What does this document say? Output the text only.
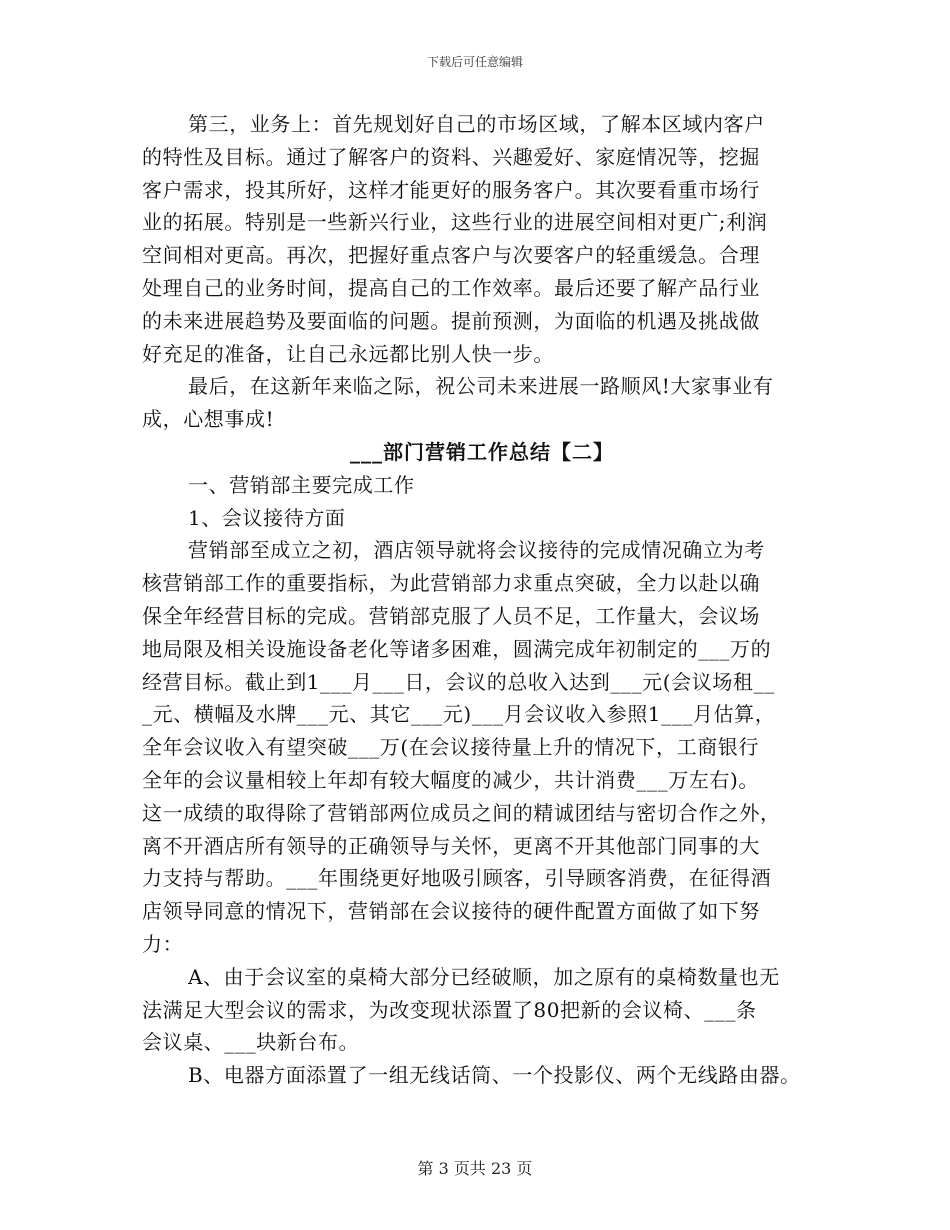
下载后可任意编辑
第三，业务上：首先规划好自己的市场区域，了解本区域内客户
的特性及目标。通过了解客户的资料、兴趣爱好、家庭情况等，挖掘
客户需求，投其所好，这样才能更好的服务客户。其次要看重市场行
业的拓展。特别是一些新兴行业，这些行业的进展空间相对更广;利润
空间相对更高。再次，把握好重点客户与次要客户的轻重缓急。合理
处理自己的业务时间，提高自己的工作效率。最后还要了解产品行业
的未来进展趋势及要面临的问题。提前预测，为面临的机遇及挑战做
好充足的准备，让自己永远都比别人快一步。
最后，在这新年来临之际，祝公司未来进展一路顺风!大家事业有
成，心想事成!
___部门营销工作总结【二】
一、营销部主要完成工作
1、会议接待方面
营销部至成立之初，酒店领导就将会议接待的完成情况确立为考
核营销部工作的重要指标，为此营销部力求重点突破，全力以赴以确
保全年经营目标的完成。营销部克服了人员不足，工作量大，会议场
地局限及相关设施设备老化等诸多困难，圆满完成年初制定的___万的
经营目标。截止到1___月___日，会议的总收入达到___元(会议场租__
_元、横幅及水牌___元、其它___元)___月会议收入参照1___月估算，
全年会议收入有望突破___万(在会议接待量上升的情况下，工商银行
全年的会议量相较上年却有较大幅度的减少，共计消费___万左右)。
这一成绩的取得除了营销部两位成员之间的精诚团结与密切合作之外，
离不开酒店所有领导的正确领导与关怀，更离不开其他部门同事的大
力支持与帮助。___年围绕更好地吸引顾客，引导顾客消费，在征得酒
店领导同意的情况下，营销部在会议接待的硬件配置方面做了如下努
力：
A、由于会议室的桌椅大部分已经破顺，加之原有的桌椅数量也无
法满足大型会议的需求，为改变现状添置了80把新的会议椅、___条
会议桌、___块新台布。
B、电器方面添置了一组无线话筒、一个投影仪、两个无线路由器。
第 3 页共 23 页
